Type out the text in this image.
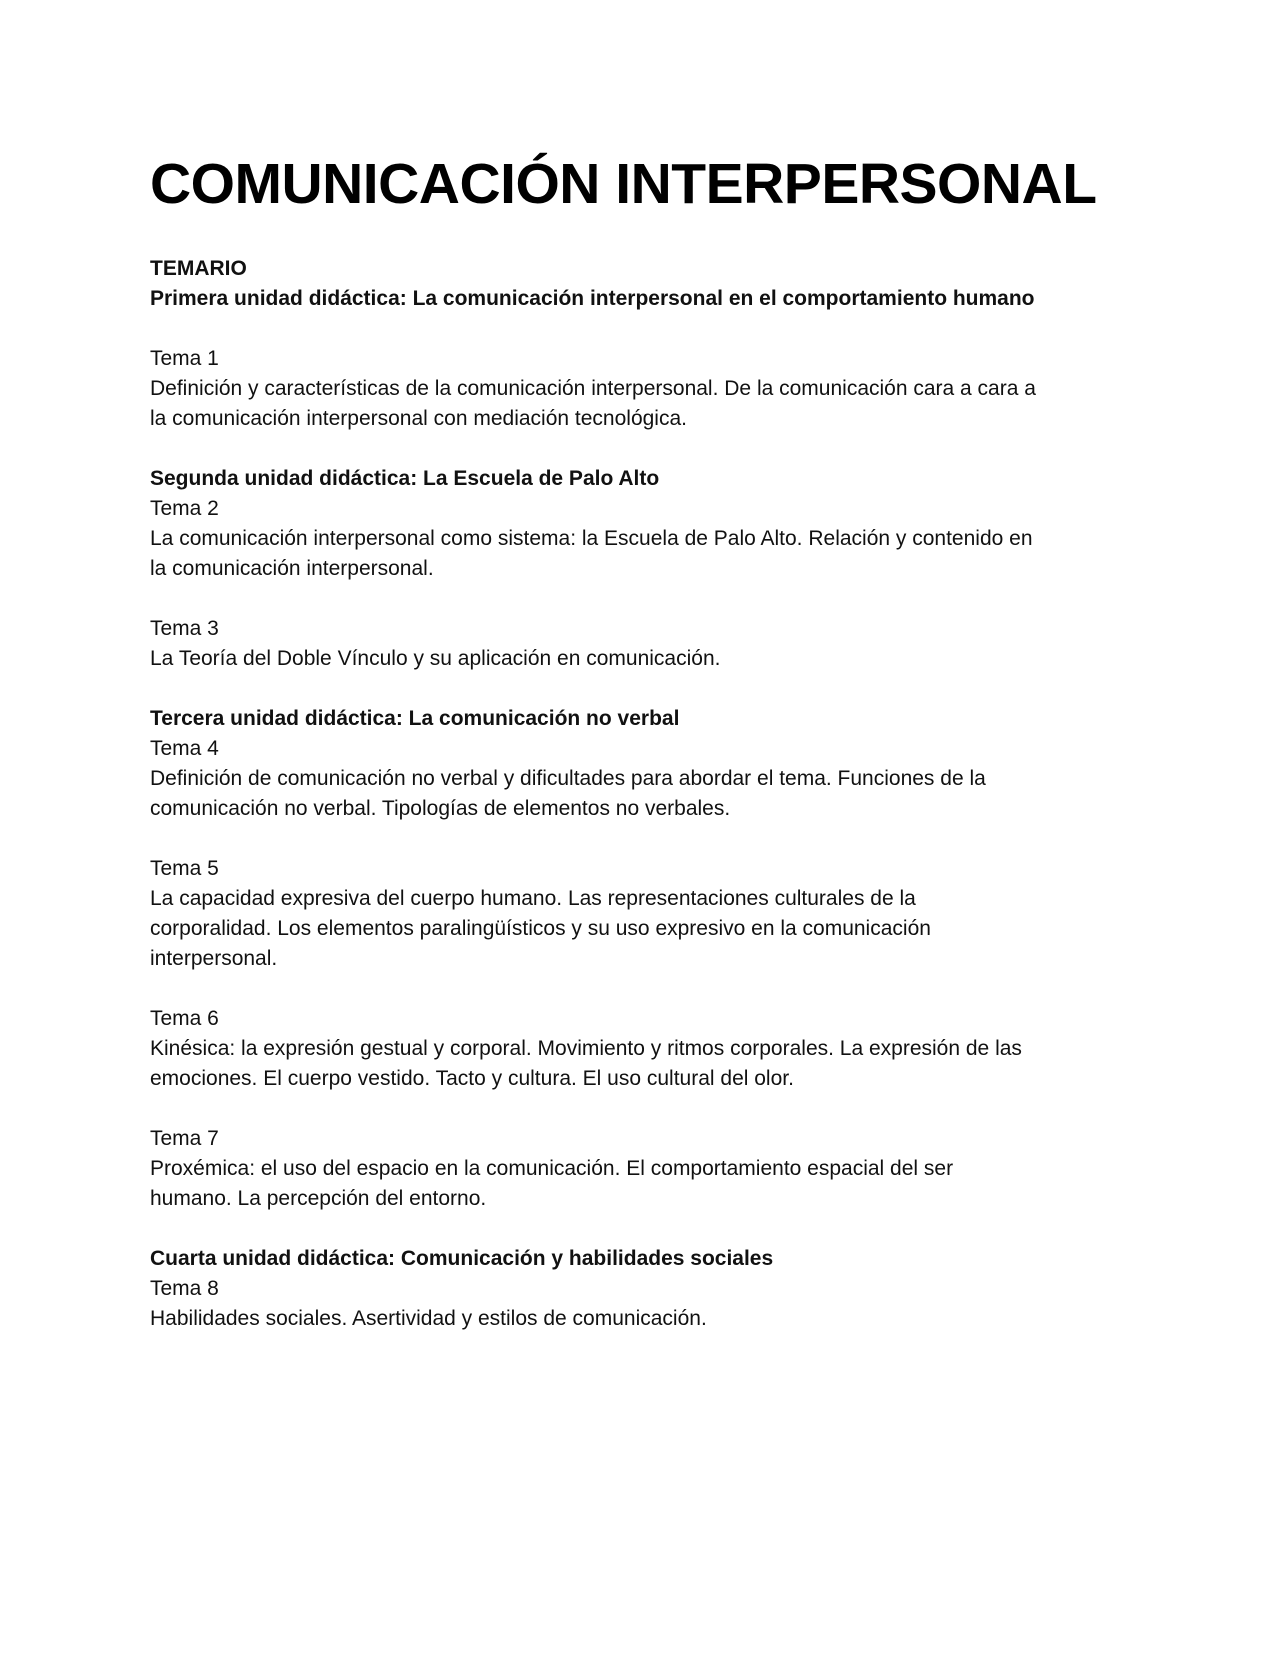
COMUNICACIÓN INTERPERSONAL
TEMARIO
Primera unidad didáctica: La comunicación interpersonal en el comportamiento humano
Tema 1
Definición y características de la comunicación interpersonal. De la comunicación cara a cara a
la comunicación interpersonal con mediación tecnológica.
Segunda unidad didáctica: La Escuela de Palo Alto
Tema 2
La comunicación interpersonal como sistema: la Escuela de Palo Alto. Relación y contenido en
la comunicación interpersonal.
Tema 3
La Teoría del Doble Vínculo y su aplicación en comunicación.
Tercera unidad didáctica: La comunicación no verbal
Tema 4
Definición de comunicación no verbal y dificultades para abordar el tema. Funciones de la
comunicación no verbal. Tipologías de elementos no verbales.
Tema 5
La capacidad expresiva del cuerpo humano. Las representaciones culturales de la
corporalidad. Los elementos paralingüísticos y su uso expresivo en la comunicación
interpersonal.
Tema 6
Kinésica: la expresión gestual y corporal. Movimiento y ritmos corporales. La expresión de las
emociones. El cuerpo vestido. Tacto y cultura. El uso cultural del olor.
Tema 7
Proxémica: el uso del espacio en la comunicación. El comportamiento espacial del ser
humano. La percepción del entorno.
Cuarta unidad didáctica: Comunicación y habilidades sociales
Tema 8
Habilidades sociales. Asertividad y estilos de comunicación.
